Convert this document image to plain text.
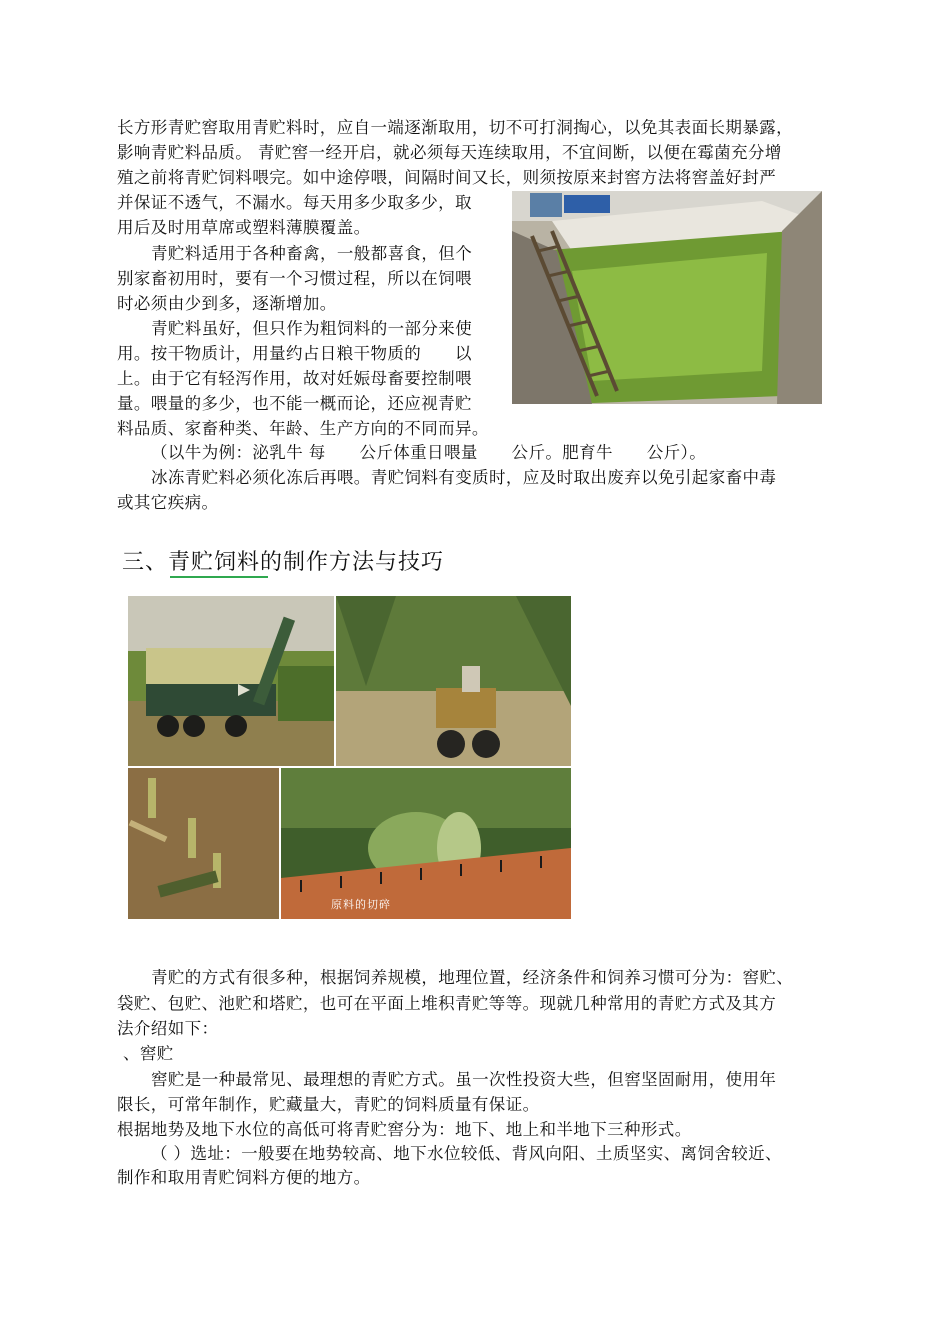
长方形青贮窖取用青贮料时，应自一端逐渐取用，切不可打洞掏心，以免其表面长期暴露，
影响青贮料品质。 青贮窖一经开启，就必须每天连续取用，不宜间断，以便在霉菌充分增
殖之前将青贮饲料喂完。如中途停喂，间隔时间又长，则须按原来封窖方法将窖盖好封严
并保证不透气，不漏水。每天用多少取多少，取
用后及时用草席或塑料薄膜覆盖。
青贮料适用于各种畜禽，一般都喜食，但个
别家畜初用时，要有一个习惯过程，所以在饲喂
时必须由少到多，逐渐增加。
青贮料虽好，但只作为粗饲料的一部分来使
用。按干物质计，用量约占日粮干物质的　　以
上。由于它有轻泻作用，故对妊娠母畜要控制喂
量。喂量的多少，也不能一概而论，还应视青贮
料品质、家畜种类、年龄、生产方向的不同而异。
（以牛为例：泌乳牛 每　　公斤体重日喂量　　公斤。肥育牛　　公斤）。
冰冻青贮料必须化冻后再喂。青贮饲料有变质时，应及时取出废弃以免引起家畜中毒
或其它疾病。
三、青贮饲料的制作方法与技巧
原料的切碎
青贮的方式有很多种，根据饲养规模，地理位置，经济条件和饲养习惯可分为：窖贮、
袋贮、包贮、池贮和塔贮，也可在平面上堆积青贮等等。现就几种常用的青贮方式及其方
法介绍如下：
、窖贮
窖贮是一种最常见、最理想的青贮方式。虽一次性投资大些，但窖坚固耐用，使用年
限长，可常年制作，贮藏量大，青贮的饲料质量有保证。
根据地势及地下水位的高低可将青贮窖分为：地下、地上和半地下三种形式。
（ ）选址：一般要在地势较高、地下水位较低、背风向阳、土质坚实、离饲舍较近、
制作和取用青贮饲料方便的地方。
